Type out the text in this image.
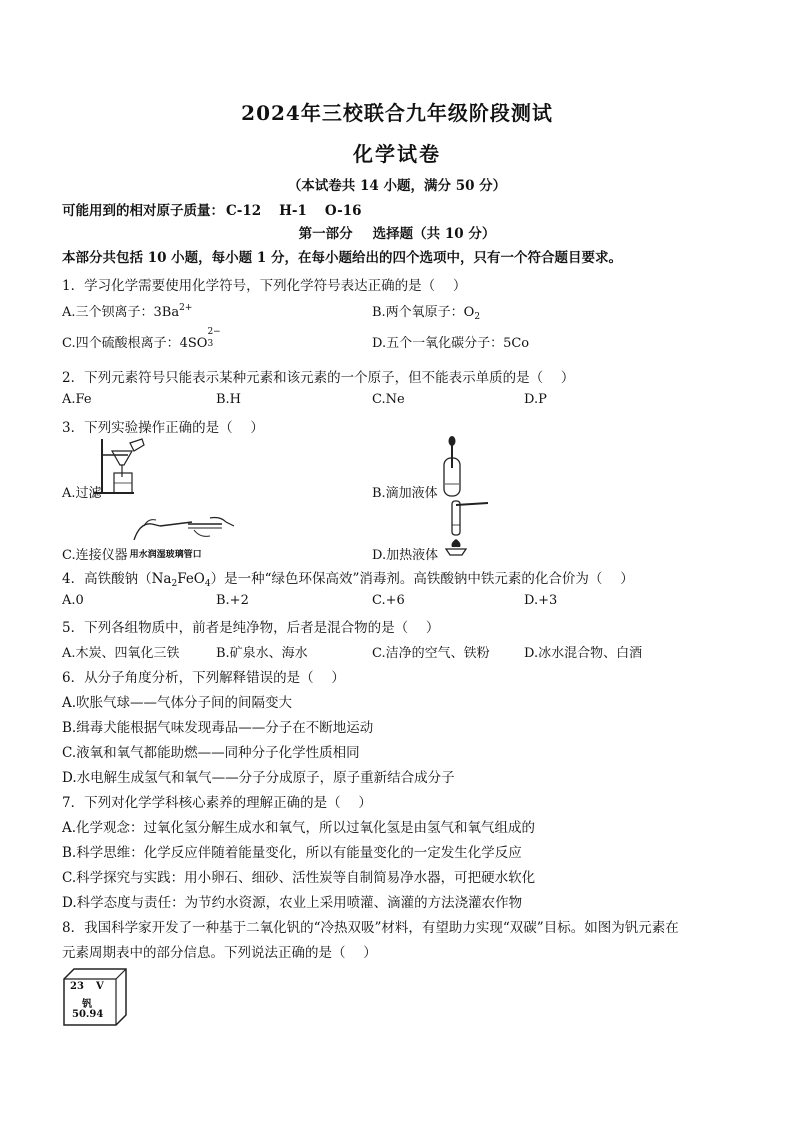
2024年三校联合九年级阶段测试
化学试卷
（本试卷共 14 小题，满分 50 分）
可能用到的相对原子质量： C-12 H-1 O-16
第一部分 选择题（共 10 分）
本部分共包括 10 小题，每小题 1 分，在每小题给出的四个选项中，只有一个符合题目要求。
1．学习化学需要使用化学符号，下列化学符号表达正确的是（　 ）
A.三个钡离子：$3Ba^{2+}$	B.两个氧原子：$O_2$
C.四个硫酸根离子：4SO
2−
3	D.五个一氧化碳分子：5Co
2．下列元素符号只能表示某种元素和该元素的一个原子，但不能表示单质的是（　 ）
A.Fe	B.H	C.Ne	D.P
3．下列实验操作正确的是（　 ）
A.过滤	B.滴加液体
C.连接仪器 用水润湿玻璃管口	D.加热液体
4．高铁酸钠$(Na_2FeO_4)$是一种“绿色环保高效”消毒剂。高铁酸钠中铁元素的化合价为（　 ）
A.0	B.+2	C.+6	D.+3
5．下列各组物质中，前者是纯净物，后者是混合物的是（　 ）
A.木炭、四氧化三铁	B.矿泉水、海水	C.洁净的空气、铁粉	D.冰水混合物、白酒
6．从分子角度分析，下列解释错误的是（　 ）
A.吹胀气球——气体分子间的间隔变大
B.缉毒犬能根据气味发现毒品——分子在不断地运动
C.液氧和氧气都能助燃——同种分子化学性质相同
D.水电解生成氢气和氧气——分子分成原子，原子重新结合成分子
7．下列对化学学科核心素养的理解正确的是（　 ）
A.化学观念：过氧化氢分解生成水和氧气，所以过氧化氢是由氢气和氧气组成的
B.科学思维：化学反应伴随着能量变化，所以有能量变化的一定发生化学反应
C.科学探究与实践：用小卵石、细砂、活性炭等自制简易净水器，可把硬水软化
D.科学态度与责任：为节约水资源，农业上采用喷灌、滴灌的方法浇灌农作物
8．我国科学家开发了一种基于二氧化钒的“冷热双吸”材料，有望助力实现“双碳”目标。如图为钒元素在
元素周期表中的部分信息。下列说法正确的是（　 ）
23 V
钒
50.94
